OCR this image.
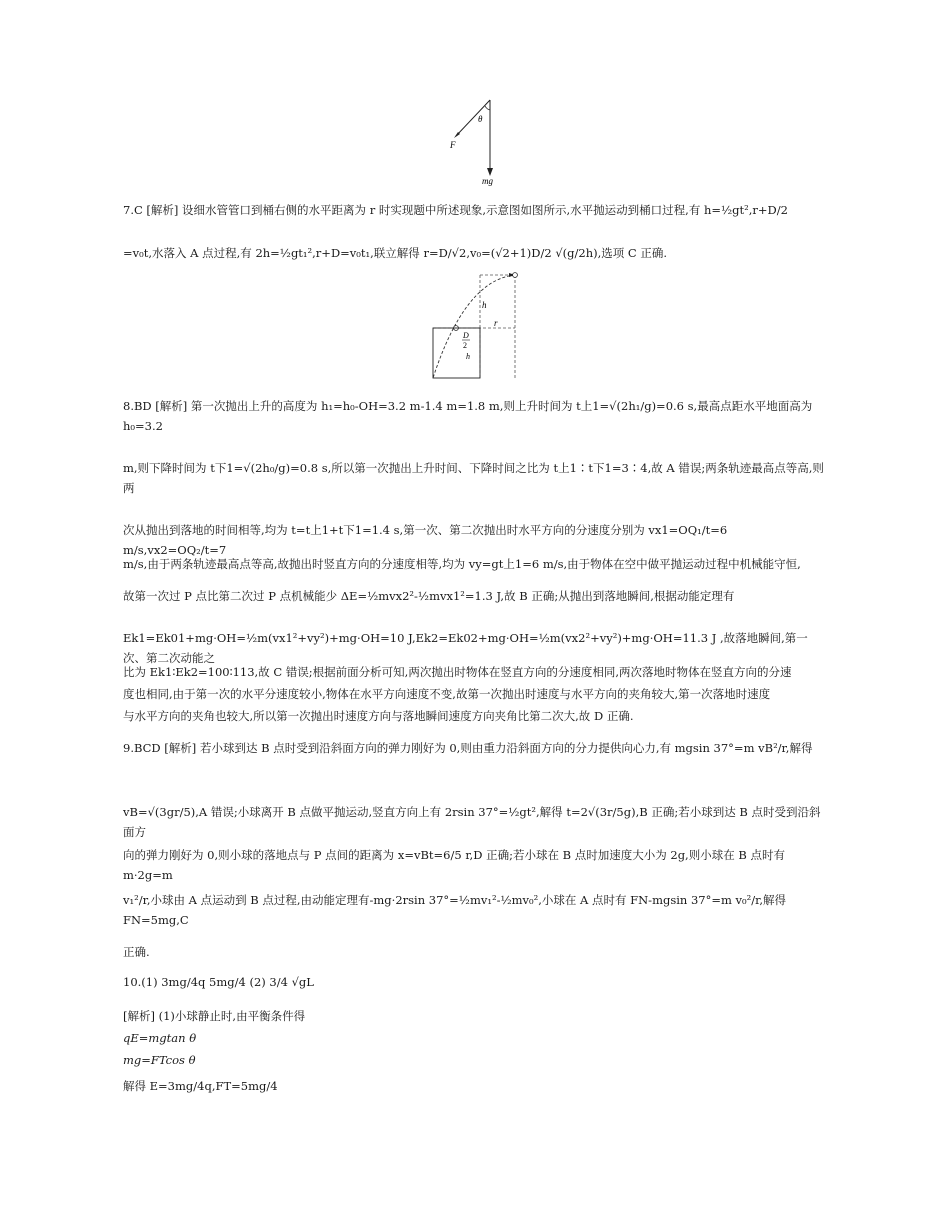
θ
F
mg
7.C [解析] 设细水管管口到桶右侧的水平距离为 r 时实现题中所述现象,示意图如图所示,水平抛运动到桶口过程,有 h=½gt²,r+D/2
=v₀t,水落入 A 点过程,有 2h=½gt₁²,r+D=v₀t₁,联立解得 r=D/√2,v₀=(√2+1)D/2 √(g/2h),选项 C 正确.
h
r
D
2
h
8.BD [解析] 第一次抛出上升的高度为 h₁=h₀-OH=3.2 m-1.4 m=1.8 m,则上升时间为 t上1=√(2h₁/g)=0.6 s,最高点距水平地面高为 h₀=3.2
m,则下降时间为 t下1=√(2h₀/g)=0.8 s,所以第一次抛出上升时间、下降时间之比为 t上1∶t下1=3∶4,故 A 错误;两条轨迹最高点等高,则两
次从抛出到落地的时间相等,均为 t=t上1+t下1=1.4 s,第一次、第二次抛出时水平方向的分速度分别为 vx1=OQ₁/t=6 m/s,vx2=OQ₂/t=7
m/s,由于两条轨迹最高点等高,故抛出时竖直方向的分速度相等,均为 vy=gt上1=6 m/s,由于物体在空中做平抛运动过程中机械能守恒,
故第一次过 P 点比第二次过 P 点机械能少 ΔE=½mvx2²-½mvx1²=1.3 J,故 B 正确;从抛出到落地瞬间,根据动能定理有
Ek1=Ek01+mg·OH=½m(vx1²+vy²)+mg·OH=10 J,Ek2=Ek02+mg·OH=½m(vx2²+vy²)+mg·OH=11.3 J ,故落地瞬间,第一次、第二次动能之
比为 Ek1∶Ek2=100∶113,故 C 错误;根据前面分析可知,两次抛出时物体在竖直方向的分速度相同,两次落地时物体在竖直方向的分速
度也相同,由于第一次的水平分速度较小,物体在水平方向速度不变,故第一次抛出时速度与水平方向的夹角较大,第一次落地时速度
与水平方向的夹角也较大,所以第一次抛出时速度方向与落地瞬间速度方向夹角比第二次大,故 D 正确.
9.BCD [解析] 若小球到达 B 点时受到沿斜面方向的弹力刚好为 0,则由重力沿斜面方向的分力提供向心力,有 mgsin 37°=m vB²/r,解得
vB=√(3gr/5),A 错误;小球离开 B 点做平抛运动,竖直方向上有 2rsin 37°=½gt²,解得 t=2√(3r/5g),B 正确;若小球到达 B 点时受到沿斜面方
向的弹力刚好为 0,则小球的落地点与 P 点间的距离为 x=vBt=6/5 r,D 正确;若小球在 B 点时加速度大小为 2g,则小球在 B 点时有 m·2g=m
v₁²/r,小球由 A 点运动到 B 点过程,由动能定理有-mg·2rsin 37°=½mv₁²-½mv₀²,小球在 A 点时有 FN-mgsin 37°=m v₀²/r,解得 FN=5mg,C
正确.
10.(1) 3mg/4q 5mg/4 (2) 3/4 √gL
[解析] (1)小球静止时,由平衡条件得
qE=mgtan θ
mg=FTcos θ
解得 E=3mg/4q,FT=5mg/4
